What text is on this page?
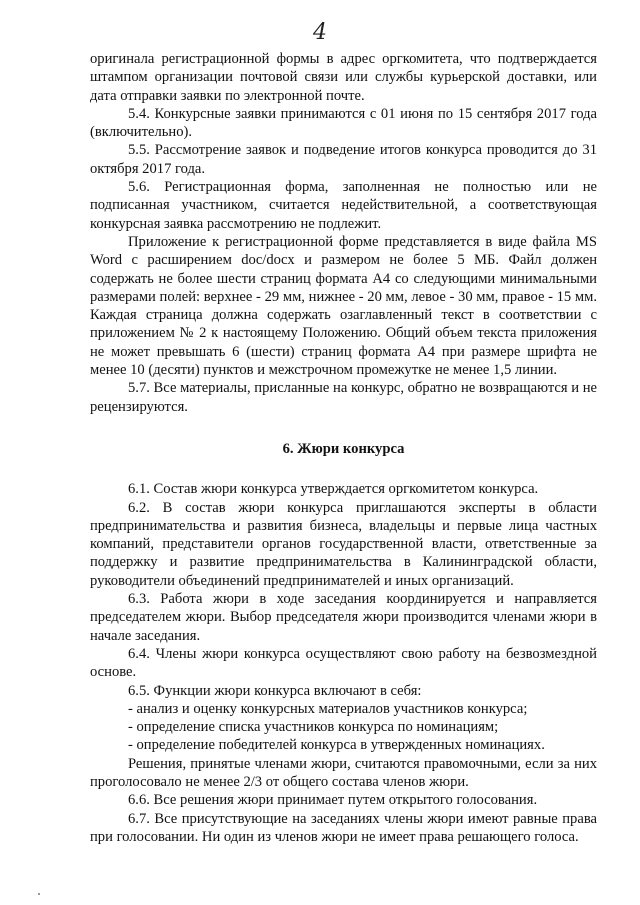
4

оригинала регистрационной формы в адрес оргкомитета, что подтверждается штампом организации почтовой связи или службы курьерской доставки, или дата отправки заявки по электронной почте.

5.4. Конкурсные заявки принимаются с 01 июня по 15 сентября 2017 года (включительно).

5.5. Рассмотрение заявок и подведение итогов конкурса проводится до 31 октября 2017 года.

5.6. Регистрационная форма, заполненная не полностью или не подписанная участником, считается недействительной, а соответствующая конкурсная заявка рассмотрению не подлежит.

Приложение к регистрационной форме представляется в виде файла MS Word с расширением doc/docx и размером не более 5 МБ. Файл должен содержать не более шести страниц формата А4 со следующими минимальными размерами полей: верхнее - 29 мм, нижнее - 20 мм, левое - 30 мм, правое - 15 мм. Каждая страница должна содержать озаглавленный текст в соответствии с приложением № 2 к настоящему Положению. Общий объем текста приложения не может превышать 6 (шести) страниц формата А4 при размере шрифта не менее 10 (десяти) пунктов и межстрочном промежутке не менее 1,5 линии.

5.7. Все материалы, присланные на конкурс, обратно не возвращаются и не рецензируются.

6. Жюри конкурса

6.1. Состав жюри конкурса утверждается оргкомитетом конкурса.

6.2. В состав жюри конкурса приглашаются эксперты в области предпринимательства и развития бизнеса, владельцы и первые лица частных компаний, представители органов государственной власти, ответственные за поддержку и развитие предпринимательства в Калининградской области, руководители объединений предпринимателей и иных организаций.

6.3. Работа жюри в ходе заседания координируется и направляется председателем жюри. Выбор председателя жюри производится членами жюри в начале заседания.

6.4. Члены жюри конкурса осуществляют свою работу на безвозмездной основе.

6.5. Функции жюри конкурса включают в себя:

- анализ и оценку конкурсных материалов участников конкурса;

- определение списка участников конкурса по номинациям;

- определение победителей конкурса в утвержденных номинациях.

Решения, принятые членами жюри, считаются правомочными, если за них проголосовало не менее 2/3 от общего состава членов жюри.

6.6. Все решения жюри принимает путем открытого голосования.

6.7. Все присутствующие на заседаниях члены жюри имеют равные права при голосовании. Ни один из членов жюри не имеет права решающего голоса.
